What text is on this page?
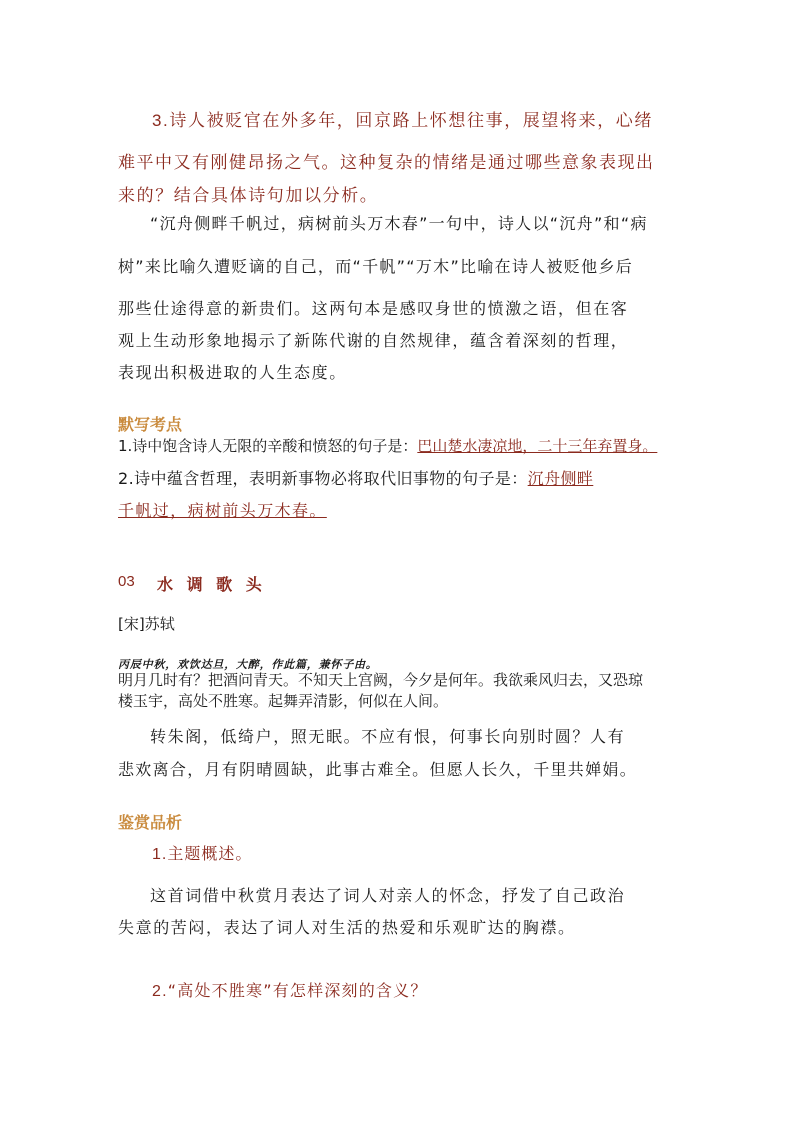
3.诗人被贬官在外多年，回京路上怀想往事，展望将来，心绪
难平中又有刚健昂扬之气。这种复杂的情绪是通过哪些意象表现出
来的？结合具体诗句加以分析。
“沉舟侧畔千帆过，病树前头万木春”一句中，诗人以“沉舟”和“病
树”来比喻久遭贬谪的自己，而“千帆”“万木”比喻在诗人被贬他乡后
那些仕途得意的新贵们。这两句本是感叹身世的愤激之语，但在客
观上生动形象地揭示了新陈代谢的自然规律，蕴含着深刻的哲理，
表现出积极进取的人生态度。
默写考点
1.诗中饱含诗人无限的辛酸和愤怒的句子是：巴山楚水凄凉地，二十三年弃置身。
2.诗中蕴含哲理，表明新事物必将取代旧事物的句子是：沉舟侧畔
千帆过，病树前头万木春。
03 水 调 歌 头
[宋]苏轼
丙辰中秋，欢饮达旦，大醉，作此篇，兼怀子由。
明月几时有？把酒问青天。不知天上宫阙，今夕是何年。我欲乘风归去，又恐琼
楼玉宇，高处不胜寒。起舞弄清影，何似在人间。
转朱阁，低绮户，照无眠。不应有恨，何事长向别时圆？人有
悲欢离合，月有阴晴圆缺，此事古难全。但愿人长久，千里共婵娟。
鉴赏品析
1.主题概述。
这首词借中秋赏月表达了词人对亲人的怀念，抒发了自己政治
失意的苦闷，表达了词人对生活的热爱和乐观旷达的胸襟。
2.“高处不胜寒”有怎样深刻的含义？
